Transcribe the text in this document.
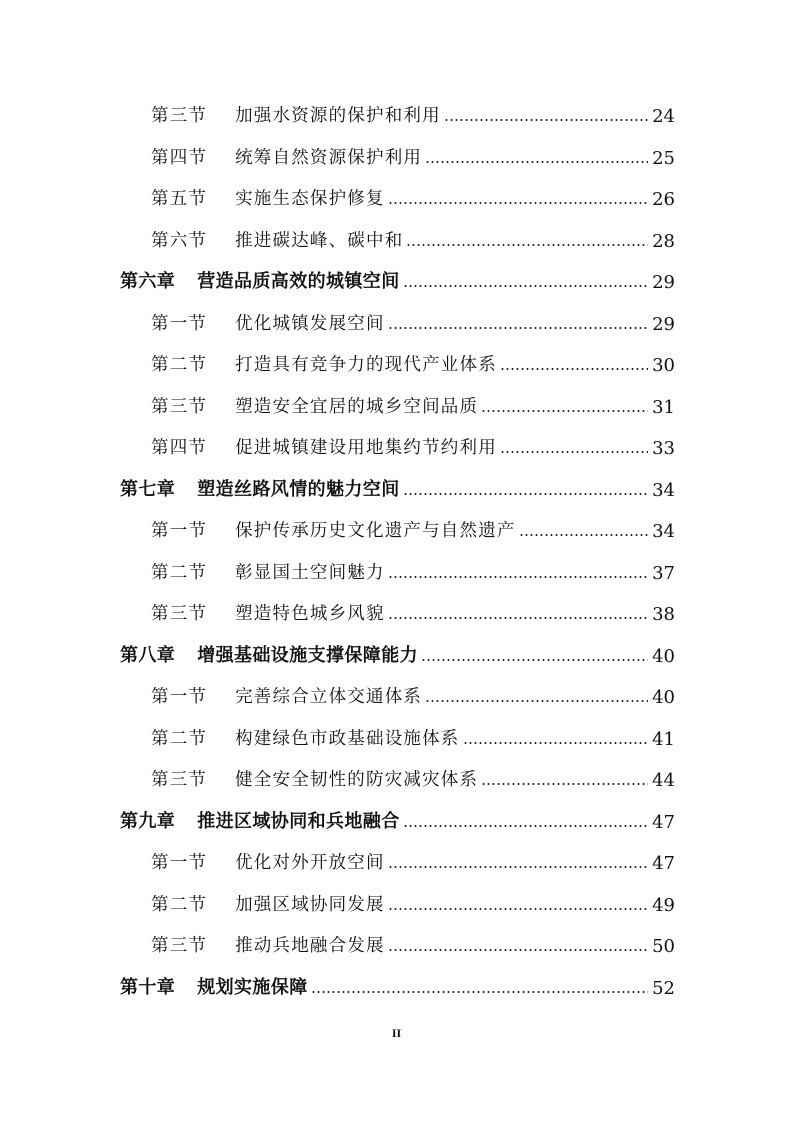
第三节 加强水资源的保护和利用	24
第四节 统筹自然资源保护利用	25
第五节 实施生态保护修复	26
第六节 推进碳达峰、碳中和	28
第六章 营造品质高效的城镇空间	29
第一节 优化城镇发展空间	29
第二节 打造具有竞争力的现代产业体系	30
第三节 塑造安全宜居的城乡空间品质	31
第四节 促进城镇建设用地集约节约利用	33
第七章 塑造丝路风情的魅力空间	34
第一节 保护传承历史文化遗产与自然遗产	34
第二节 彰显国土空间魅力	37
第三节 塑造特色城乡风貌	38
第八章 增强基础设施支撑保障能力	40
第一节 完善综合立体交通体系	40
第二节 构建绿色市政基础设施体系	41
第三节 健全安全韧性的防灾减灾体系	44
第九章 推进区域协同和兵地融合	47
第一节 优化对外开放空间	47
第二节 加强区域协同发展	49
第三节 推动兵地融合发展	50
第十章 规划实施保障	52
II
